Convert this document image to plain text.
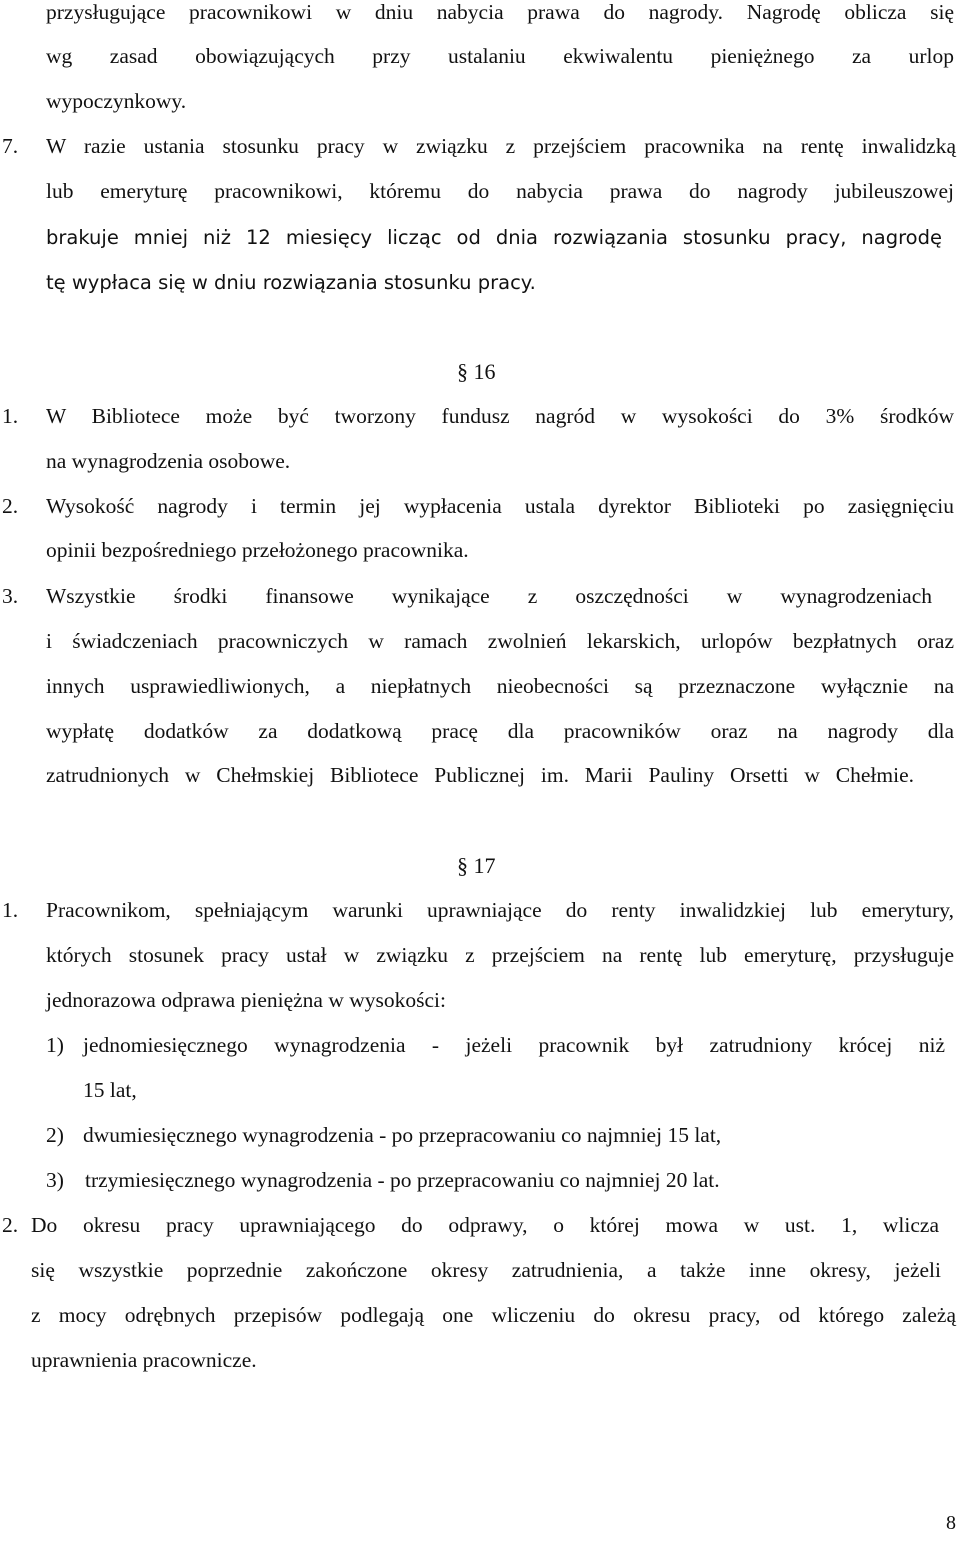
przysługujące pracownikowi w dniu nabycia prawa do nagrody. Nagrodę oblicza się
wg zasad obowiązujących przy ustalaniu ekwiwalentu pieniężnego za urlop
wypoczynkowy.
7. W razie ustania stosunku pracy w związku z przejściem pracownika na rentę inwalidzką
lub emeryturę pracownikowi, któremu do nabycia prawa do nagrody jubileuszowej
brakuje mniej niż 12 miesięcy licząc od dnia rozwiązania stosunku pracy, nagrodę
tę wypłaca się w dniu rozwiązania stosunku pracy.
§ 16
1. W Bibliotece może być tworzony fundusz nagród w wysokości do 3% środków
na wynagrodzenia osobowe.
2. Wysokość nagrody i termin jej wypłacenia ustala dyrektor Biblioteki po zasięgnięciu
opinii bezpośredniego przełożonego pracownika.
3. Wszystkie środki finansowe wynikające z oszczędności w wynagrodzeniach
i świadczeniach pracowniczych w ramach zwolnień lekarskich, urlopów bezpłatnych oraz
innych usprawiedliwionych, a niepłatnych nieobecności są przeznaczone wyłącznie na
wypłatę dodatków za dodatkową pracę dla pracowników oraz na nagrody dla
zatrudnionych w Chełmskiej Bibliotece Publicznej im. Marii Pauliny Orsetti w Chełmie.
§ 17
1. Pracownikom, spełniającym warunki uprawniające do renty inwalidzkiej lub emerytury,
których stosunek pracy ustał w związku z przejściem na rentę lub emeryturę, przysługuje
jednorazowa odprawa pieniężna w wysokości:
1) jednomiesięcznego wynagrodzenia - jeżeli pracownik był zatrudniony krócej niż
15 lat,
2) dwumiesięcznego wynagrodzenia - po przepracowaniu co najmniej 15 lat,
3) trzymiesięcznego wynagrodzenia - po przepracowaniu co najmniej 20 lat.
2. Do okresu pracy uprawniającego do odprawy, o której mowa w ust. 1, wlicza
się wszystkie poprzednie zakończone okresy zatrudnienia, a także inne okresy, jeżeli
z mocy odrębnych przepisów podlegają one wliczeniu do okresu pracy, od którego zależą
uprawnienia pracownicze.
8
